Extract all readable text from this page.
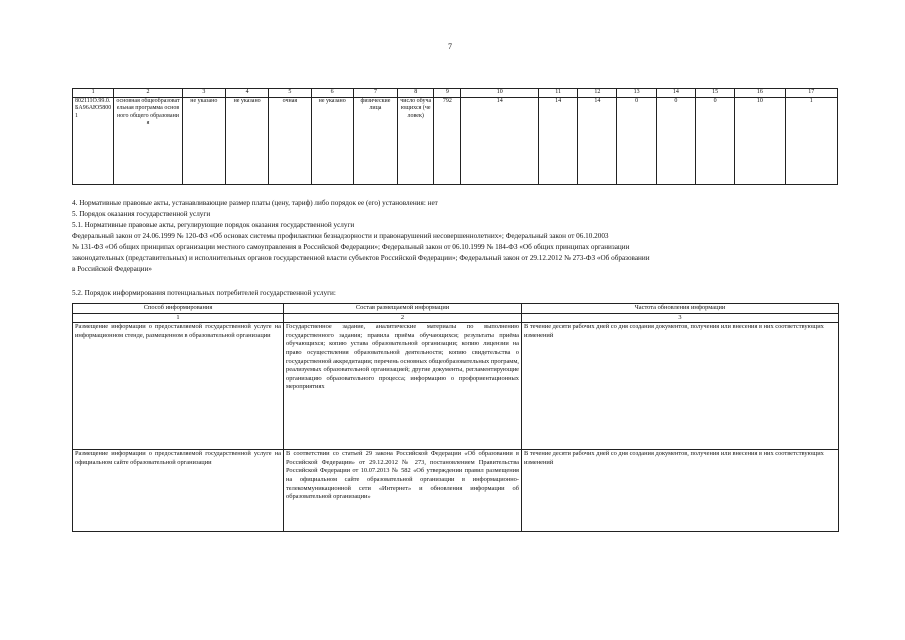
7
1	2	3	4	5	6	7	8	9	10	11	12	13	14	15	16	17
802111О.99.0.БА96АЮ58001	основная общеобразовательная программа основного общего образования	не указано	не указано	очная	не указано	физические лица	число обучающихся (человек)	792	14	14	14	0	0	0	10	1
4. Нормативные правовые акты, устанавливающие размер платы (цену, тариф) либо порядок ее (его) установления: нет
5. Порядок оказания государственной услуги
5.1. Нормативные правовые акты, регулирующие порядок оказания государственной услуги
Федеральный закон от 24.06.1999 № 120-ФЗ «Об основах системы профилактики безнадзорности и правонарушений несовершеннолетних»; Федеральный закон от 06.10.2003
№ 131-ФЗ «Об общих принципах организации местного самоуправления в Российской Федерации»; Федеральный закон от 06.10.1999 № 184-ФЗ «Об общих принципах организации
законодательных (представительных) и исполнительных органов государственной власти субъектов Российской Федерации»; Федеральный закон от 29.12.2012 № 273-ФЗ «Об образовании
в Российской Федерации»
5.2. Порядок информирования потенциальных потребителей государственной услуги:
Способ информирования	Состав размещаемой информации	Частота обновления информации
1	2	3
Размещение информации о предоставляемой государственной услуге на информационном стенде, размещенном в образовательной организации	Государственное задание, аналитические материалы по выполнению государственного задания; правила приёма обучающихся; результаты приёма обучающихся; копию устава образовательной организации; копию лицензии на право осуществления образовательной деятельности; копию свидетельства о государственной аккредитации; перечень основных общеобразовательных программ, реализуемых образовательной организацией; другие документы, регламентирующие организацию образовательного процесса; информацию о профориентационных мероприятиях	В течение десяти рабочих дней со дня создания документов, получения или внесения в них соответствующих изменений
Размещение информации о предоставляемой государственной услуге на официальном сайте образовательной организации	В соответствии со статьей 29 закона Российской Федерации «Об образовании в Российской Федерации» от 29.12.2012 № 273, постановлением Правительства Российской Федерации от 10.07.2013 № 582 «Об утверждении правил размещения на официальном сайте образовательной организации в информационно-телекоммуникационной сети «Интернет» и обновления информации об образовательной организации»	В течение десяти рабочих дней со дня создания документов, получения или внесения в них соответствующих изменений
